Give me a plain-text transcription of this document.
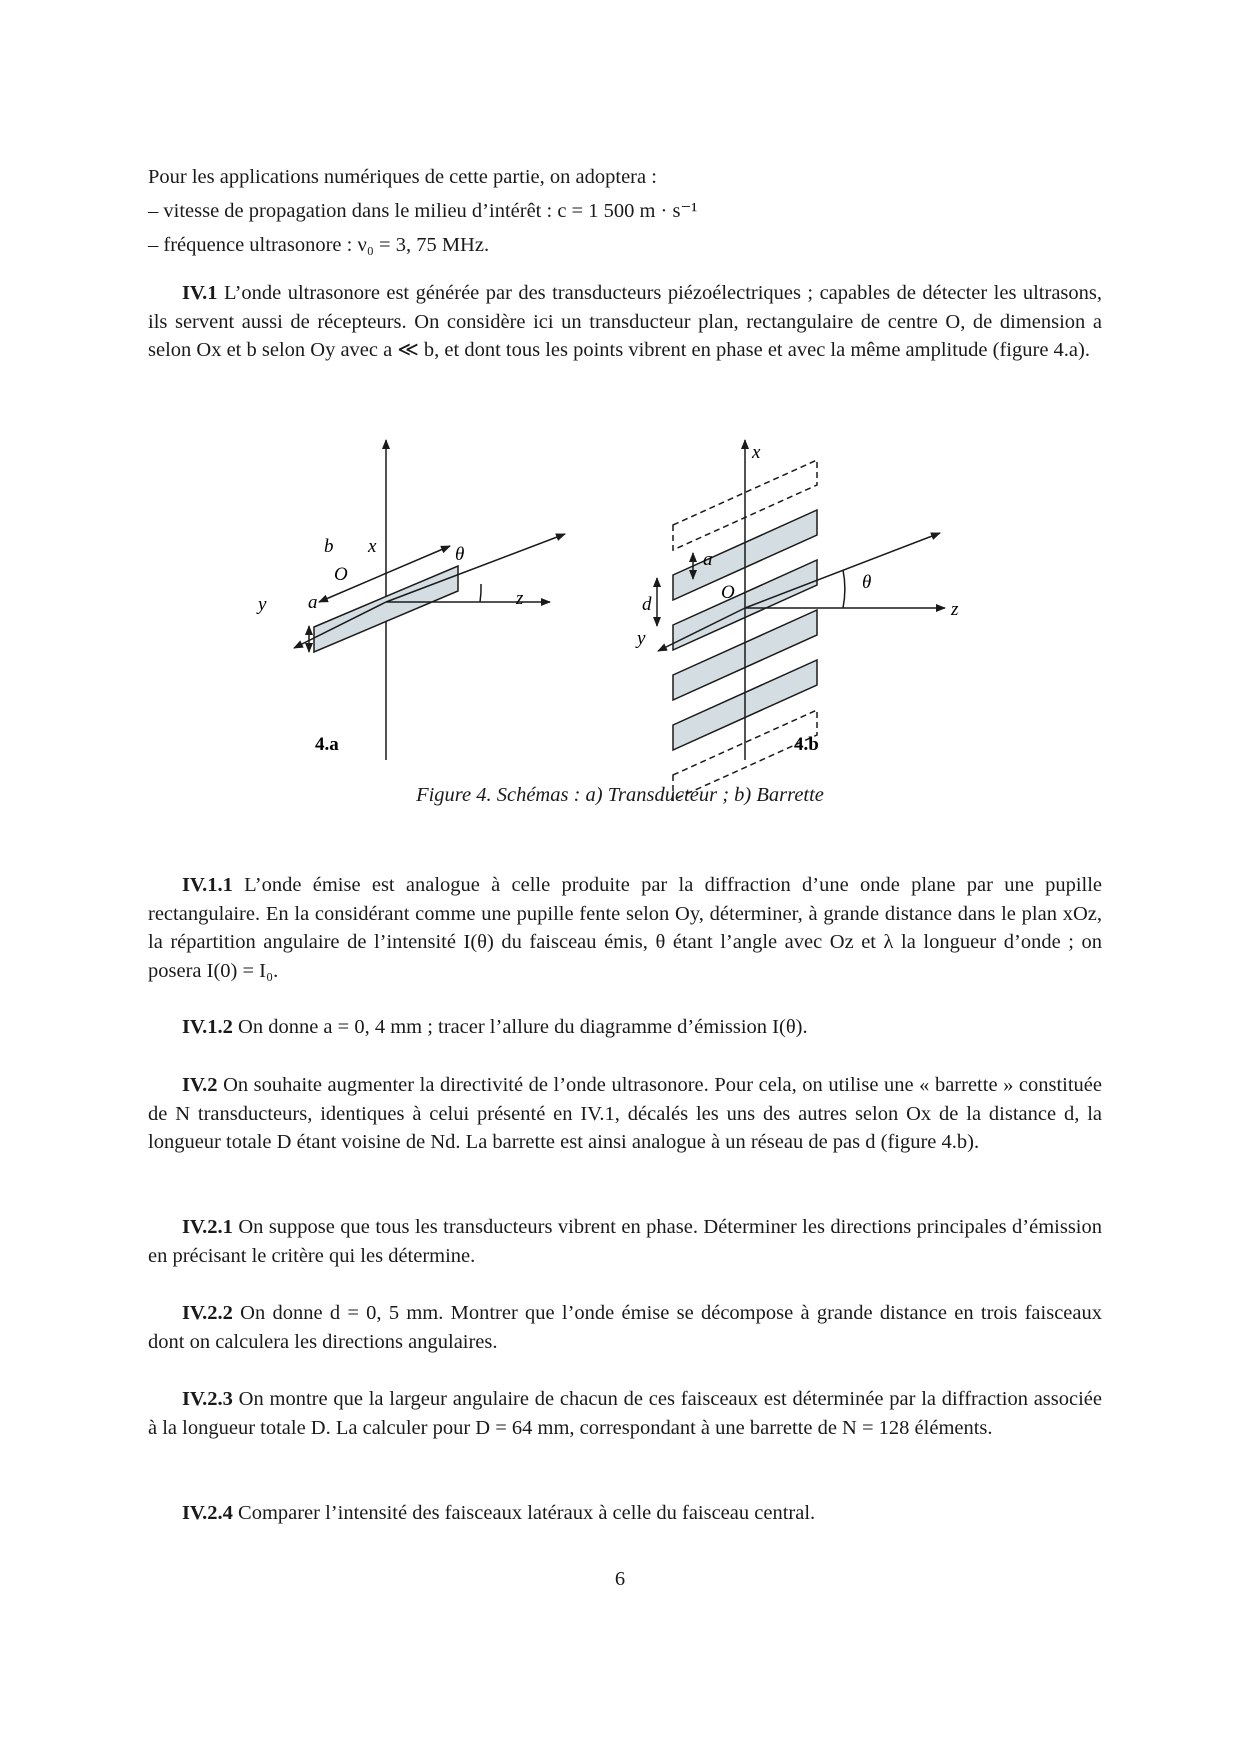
Pour les applications numériques de cette partie, on adoptera :

– vitesse de propagation dans le milieu d’intérêt : c = 1 500 m · s⁻¹

– fréquence ultrasonore : ν₀ = 3, 75 MHz.

IV.1 L’onde ultrasonore est générée par des transducteurs piézoélectriques ; capables de détecter les ultrasons, ils servent aussi de récepteurs. On considère ici un transducteur plan, rectangulaire de centre O, de dimension a selon Ox et b selon Oy avec a ≪ b, et dont tous les points vibrent en phase et avec la même amplitude (figure 4.a).

x
b
O
θ
y a	z
4.a
x
a
d
O	θ
y
z
4.b
Figure 4. Schémas : a) Transducteur ; b) Barrette

IV.1.1 L’onde émise est analogue à celle produite par la diffraction d’une onde plane par une pupille rectangulaire. En la considérant comme une pupille fente selon Oy, déterminer, à grande distance dans le plan xOz, la répartition angulaire de l’intensité I(θ) du faisceau émis, θ étant l’angle avec Oz et λ la longueur d’onde ; on posera I(0) = I₀.

IV.1.2 On donne a = 0, 4 mm ; tracer l’allure du diagramme d’émission I(θ).

IV.2 On souhaite augmenter la directivité de l’onde ultrasonore. Pour cela, on utilise une « barrette » constituée de N transducteurs, identiques à celui présenté en IV.1, décalés les uns des autres selon Ox de la distance d, la longueur totale D étant voisine de Nd. La barrette est ainsi analogue à un réseau de pas d (figure 4.b).

IV.2.1 On suppose que tous les transducteurs vibrent en phase. Déterminer les directions principales d’émission en précisant le critère qui les détermine.

IV.2.2 On donne d = 0, 5 mm. Montrer que l’onde émise se décompose à grande distance en trois faisceaux dont on calculera les directions angulaires.

IV.2.3 On montre que la largeur angulaire de chacun de ces faisceaux est déterminée par la diffraction associée à la longueur totale D. La calculer pour D = 64 mm, correspondant à une barrette de N = 128 éléments.

IV.2.4 Comparer l’intensité des faisceaux latéraux à celle du faisceau central.

6
